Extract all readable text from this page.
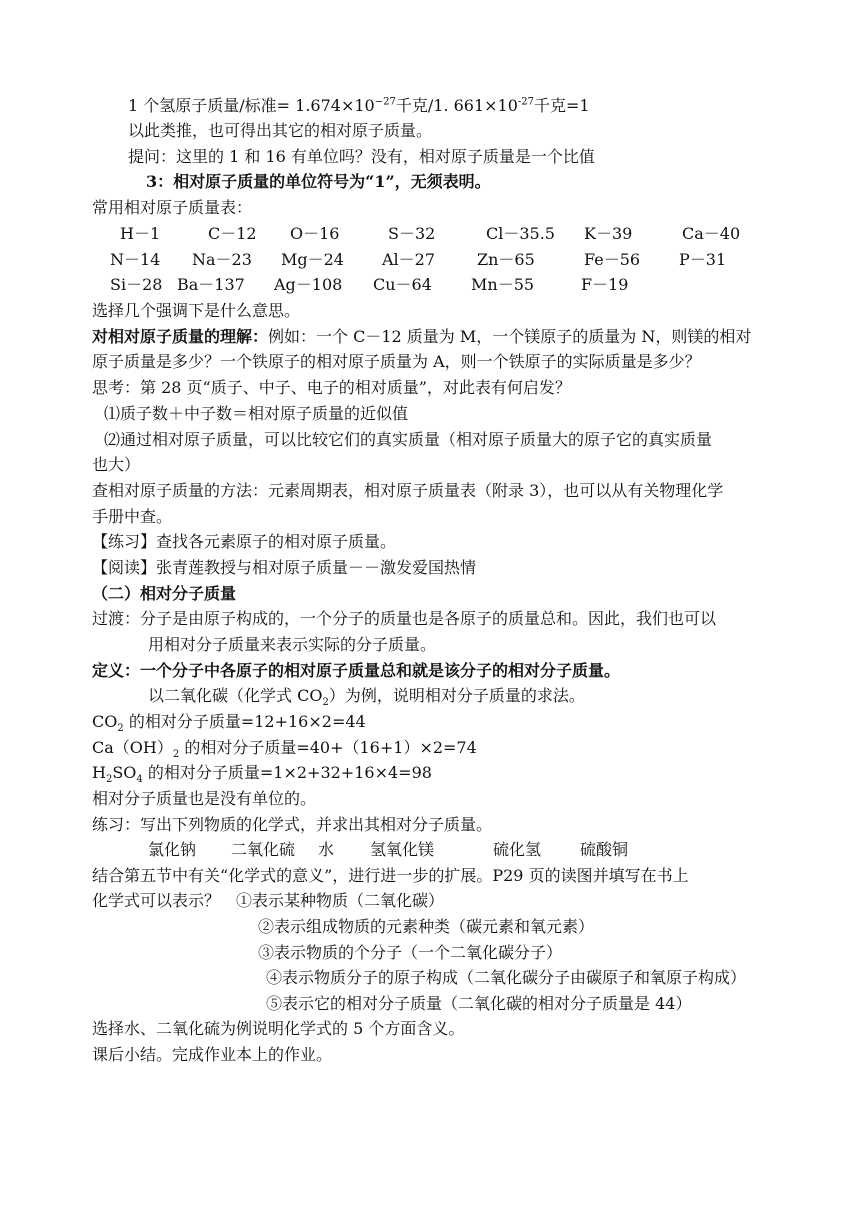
1 个氢原子质量/标准= $1.674\times 10^{-27}$千克/1. $661\times 10^{-27}$千克=1
以此类推，也可得出其它的相对原子质量。
提问：这里的 1 和 16 有单位吗？没有，相对原子质量是一个比值
3：相对原子质量的单位符号为“1”，无须表明。
常用相对原子质量表：
H－1	C－12 O－16	S－32	Cl－35.5 K－39	Ca－40
N－14 Na－23 Mg－24 Al－27	Zn－65	Fe－56 P－31
Si－28 Ba－137 Ag－108 Cu－64 Mn－55	F－19
选择几个强调下是什么意思。
对相对原子质量的理解：例如：一个 C－12 质量为 M，一个镁原子的质量为 N，则镁的相对
原子质量是多少？一个铁原子的相对原子质量为 A，则一个铁原子的实际质量是多少？
思考：第 28 页“质子、中子、电子的相对质量”，对此表有何启发？
⑴质子数＋中子数＝相对原子质量的近似值
⑵通过相对原子质量，可以比较它们的真实质量（相对原子质量大的原子它的真实质量
也大）
查相对原子质量的方法：元素周期表，相对原子质量表（附录 3），也可以从有关物理化学
手册中查。
【练习】查找各元素原子的相对原子质量。
【阅读】张青莲教授与相对原子质量－－激发爱国热情
（二）相对分子质量
过渡：分子是由原子构成的，一个分子的质量也是各原子的质量总和。因此，我们也可以
用相对分子质量来表示实际的分子质量。
定义：一个分子中各原子的相对原子质量总和就是该分子的相对分子质量。
以二氧化碳（化学式 $CO_2$）为例，说明相对分子质量的求法。
$CO_2$ 的相对分子质量=12+16×2=44
$Ca(OH)_2$ 的相对分子质量=40+（16+1）×2=74
$H_2SO_4$ 的相对分子质量=1×2+32+16×4=98
相对分子质量也是没有单位的。
练习：写出下列物质的化学式，并求出其相对分子质量。
氯化钠 二氧化硫 水 氢氧化镁	硫化氢 硫酸铜
结合第五节中有关“化学式的意义”，进行进一步的扩展。P29 页的读图并填写在书上
化学式可以表示？　①表示某种物质（二氧化碳）
②表示组成物质的元素种类（碳元素和氧元素）
③表示物质的个分子（一个二氧化碳分子）
④表示物质分子的原子构成（二氧化碳分子由碳原子和氧原子构成）
⑤表示它的相对分子质量（二氧化碳的相对分子质量是 44）
选择水、二氧化硫为例说明化学式的 5 个方面含义。
课后小结。完成作业本上的作业。
